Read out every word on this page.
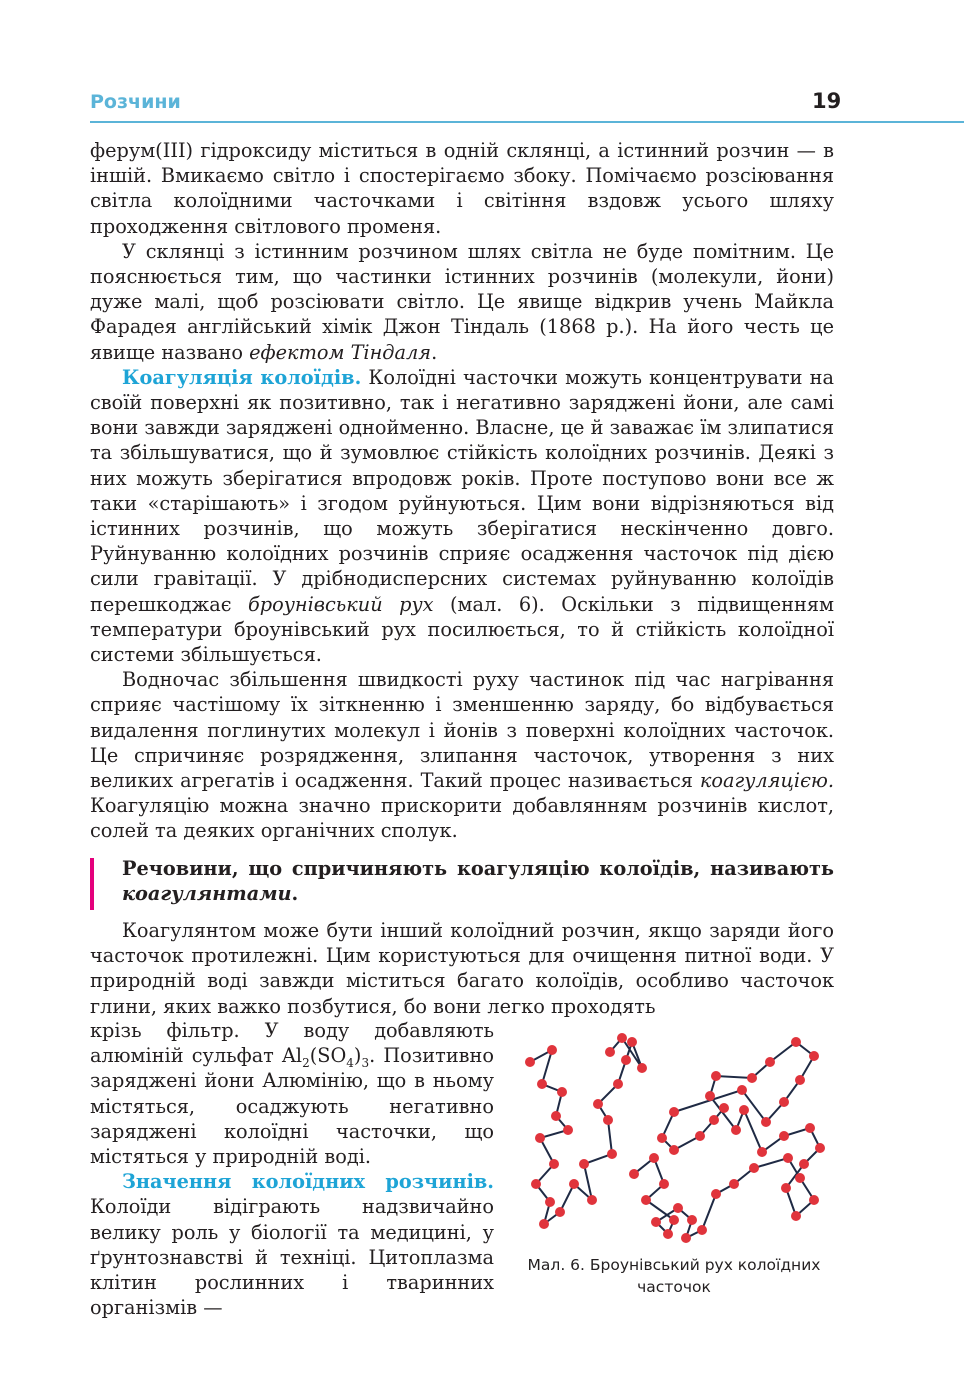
Розчини	19

ферум(III) гідроксиду міститься в одній склянці, а істинний розчин — в іншій. Вмикаємо світло і спостерігаємо збоку. Помічаємо розсіювання світла колоїдними часточками і світіння вздовж усього шляху проходження світлового променя.

У склянці з істинним розчином шлях світла не буде помітним. Це пояснюється тим, що частинки істинних розчинів (молекули, йони) дуже малі, щоб розсіювати світло. Це явище відкрив учень Майкла Фарадея англійський хімік Джон Тіндаль (1868 р.). На його честь це явище названо ефектом Тіндаля.

Коагуляція колоїдів. Колоїдні часточки можуть концентрувати на своїй поверхні як позитивно, так і негативно заряджені йони, але самі вони завжди заряджені однойменно. Власне, це й заважає їм злипатися та збільшуватися, що й зумовлює стійкість колоїдних розчинів. Деякі з них можуть зберігатися впродовж років. Проте поступово вони все ж таки «старішають» і згодом руйнуються. Цим вони відрізняються від істинних розчинів, що можуть зберігатися нескінченно довго. Руйнуванню колоїдних розчинів сприяє осадження часточок під дією сили гравітації. У дрібнодисперсних системах руйнуванню колоїдів перешкоджає броунівський рух (мал. 6). Оскільки з підвищенням температури броунівський рух посилюється, то й стійкість колоїдної системи збільшується.

Водночас збільшення швидкості руху частинок під час нагрівання сприяє частішому їх зіткненню і зменшенню заряду, бо відбувається видалення поглинутих молекул і йонів з поверхні колоїдних часточок. Це спричиняє розрядження, злипання часточок, утворення з них великих агрегатів і осадження. Такий процес називається коагуляцією. Коагуляцію можна значно прискорити добавлянням розчинів кислот, солей та деяких органічних сполук.

Речовини, що спричиняють коагуляцію колоїдів, називають коагулянтами.

Коагулянтом може бути інший колоїдний розчин, якщо заряди його часточок протилежні. Цим користуються для очищення питної води. У природній воді завжди міститься багато колоїдів, особливо часточок глини, яких важко позбутися, бо вони легко проходять

крізь фільтр. У воду добавляють алюміній сульфат $Al_2(SO_4)_3$. Позитивно заряджені йони Алюмінію, що в ньому містяться, осаджують негативно заряджені колоїдні часточки, що містяться у природній воді.

Значення колоїдних розчинів. Колоїди відіграють надзвичайно велику роль у біології та медицині, у ґрунтознавстві й техніці. Цитоплазма клітин рослинних і тваринних організмів —

Мал. 6. Броунівський рух колоїдних часточок
